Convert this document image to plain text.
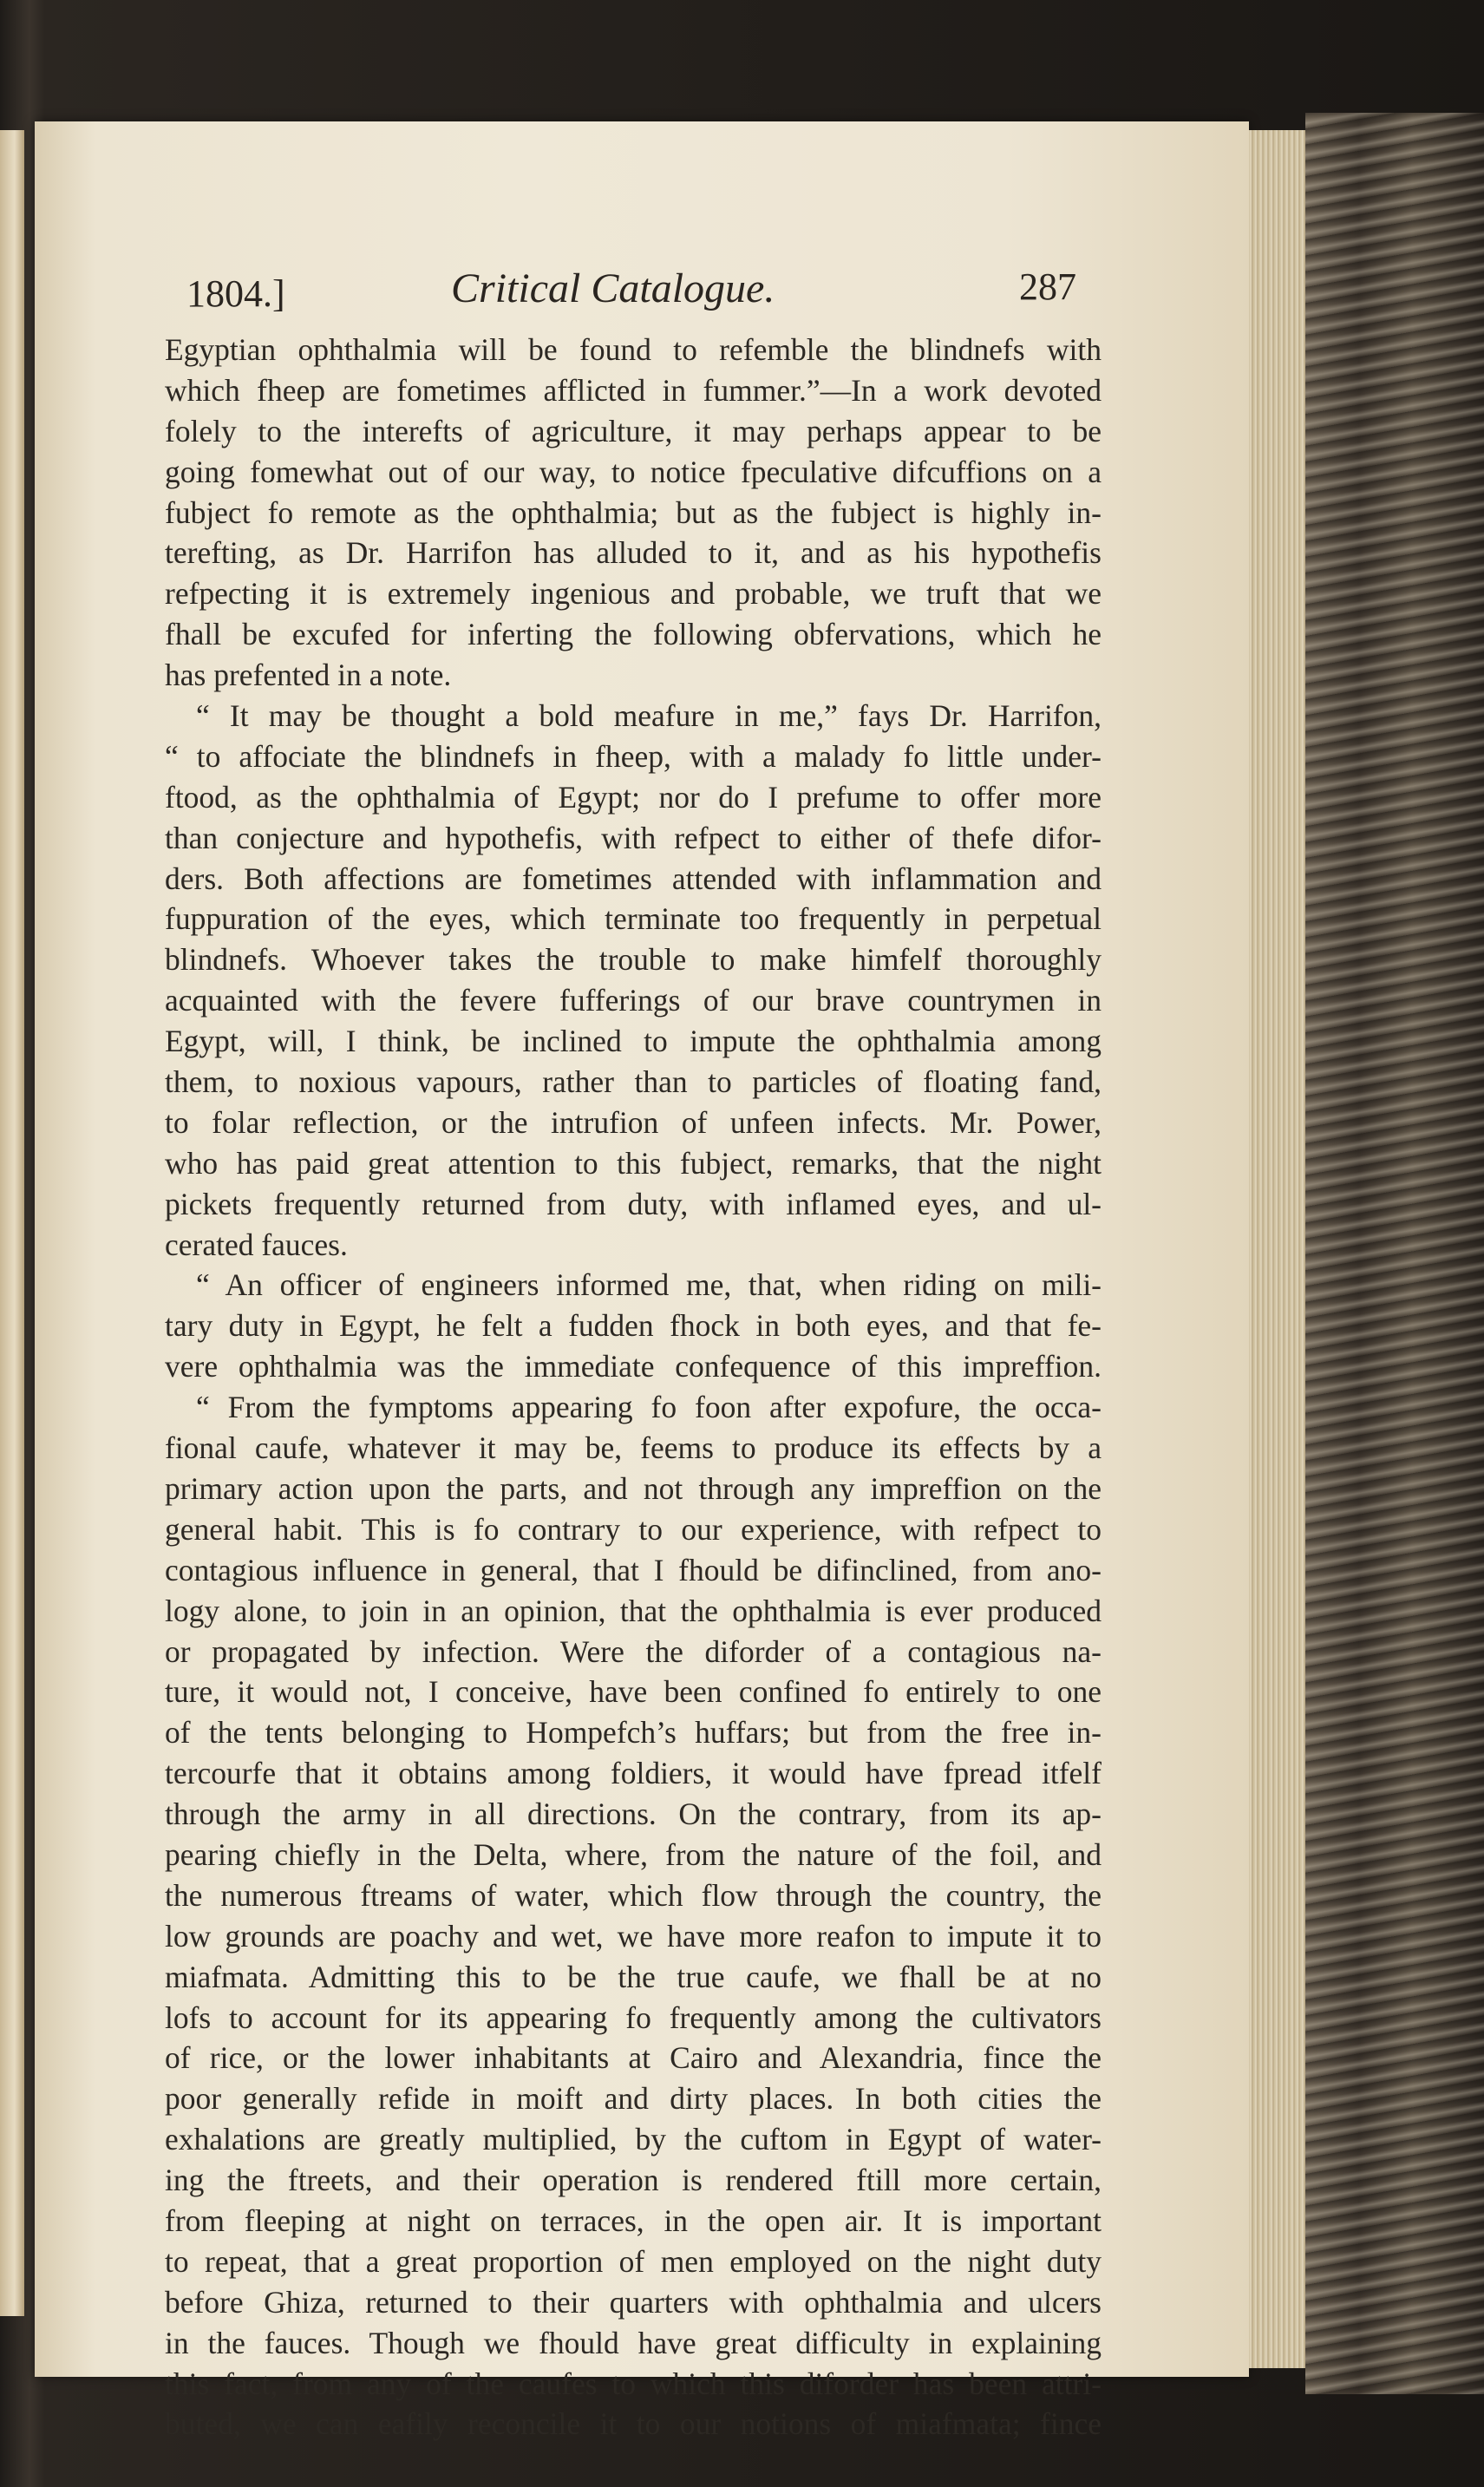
1804.]	Critical Catalogue.	287
Egyptian ophthalmia will be found to refemble the blindnefs with
which fheep are fometimes afflicted in fummer.”—In a work devoted
folely to the interefts of agriculture, it may perhaps appear to be
going fomewhat out of our way, to notice fpeculative difcuffions on a
fubject fo remote as the ophthalmia; but as the fubject is highly in-
terefting, as Dr. Harrifon has alluded to it, and as his hypothefis
refpecting it is extremely ingenious and probable, we truft that we
fhall be excufed for inferting the following obfervations, which he
has prefented in a note.
“ It may be thought a bold meafure in me,” fays Dr. Harrifon,
“ to affociate the blindnefs in fheep, with a malady fo little under-
ftood, as the ophthalmia of Egypt; nor do I prefume to offer more
than conjecture and hypothefis, with refpect to either of thefe difor-
ders. Both affections are fometimes attended with inflammation and
fuppuration of the eyes, which terminate too frequently in perpetual
blindnefs. Whoever takes the trouble to make himfelf thoroughly
acquainted with the fevere fufferings of our brave countrymen in
Egypt, will, I think, be inclined to impute the ophthalmia among
them, to noxious vapours, rather than to particles of floating fand,
to folar reflection, or the intrufion of unfeen infects. Mr. Power,
who has paid great attention to this fubject, remarks, that the night
pickets frequently returned from duty, with inflamed eyes, and ul-
cerated fauces.
“ An officer of engineers informed me, that, when riding on mili-
tary duty in Egypt, he felt a fudden fhock in both eyes, and that fe-
vere ophthalmia was the immediate confequence of this impreffion.
“ From the fymptoms appearing fo foon after expofure, the occa-
fional caufe, whatever it may be, feems to produce its effects by a
primary action upon the parts, and not through any impreffion on the
general habit. This is fo contrary to our experience, with refpect to
contagious influence in general, that I fhould be difinclined, from ano-
logy alone, to join in an opinion, that the ophthalmia is ever produced
or propagated by infection. Were the diforder of a contagious na-
ture, it would not, I conceive, have been confined fo entirely to one
of the tents belonging to Hompefch’s huffars; but from the free in-
tercourfe that it obtains among foldiers, it would have fpread itfelf
through the army in all directions. On the contrary, from its ap-
pearing chiefly in the Delta, where, from the nature of the foil, and
the numerous ftreams of water, which flow through the country, the
low grounds are poachy and wet, we have more reafon to impute it to
miafmata. Admitting this to be the true caufe, we fhall be at no
lofs to account for its appearing fo frequently among the cultivators
of rice, or the lower inhabitants at Cairo and Alexandria, fince the
poor generally refide in moift and dirty places. In both cities the
exhalations are greatly multiplied, by the cuftom in Egypt of water-
ing the ftreets, and their operation is rendered ftill more certain,
from fleeping at night on terraces, in the open air. It is important
to repeat, that a great proportion of men employed on the night duty
before Ghiza, returned to their quarters with ophthalmia and ulcers
in the fauces. Though we fhould have great difficulty in explaining
this fact, from any of the caufes to which this diforder has been attri-
buted, we can eafily reconcile it to our notions of miafmata; fince
